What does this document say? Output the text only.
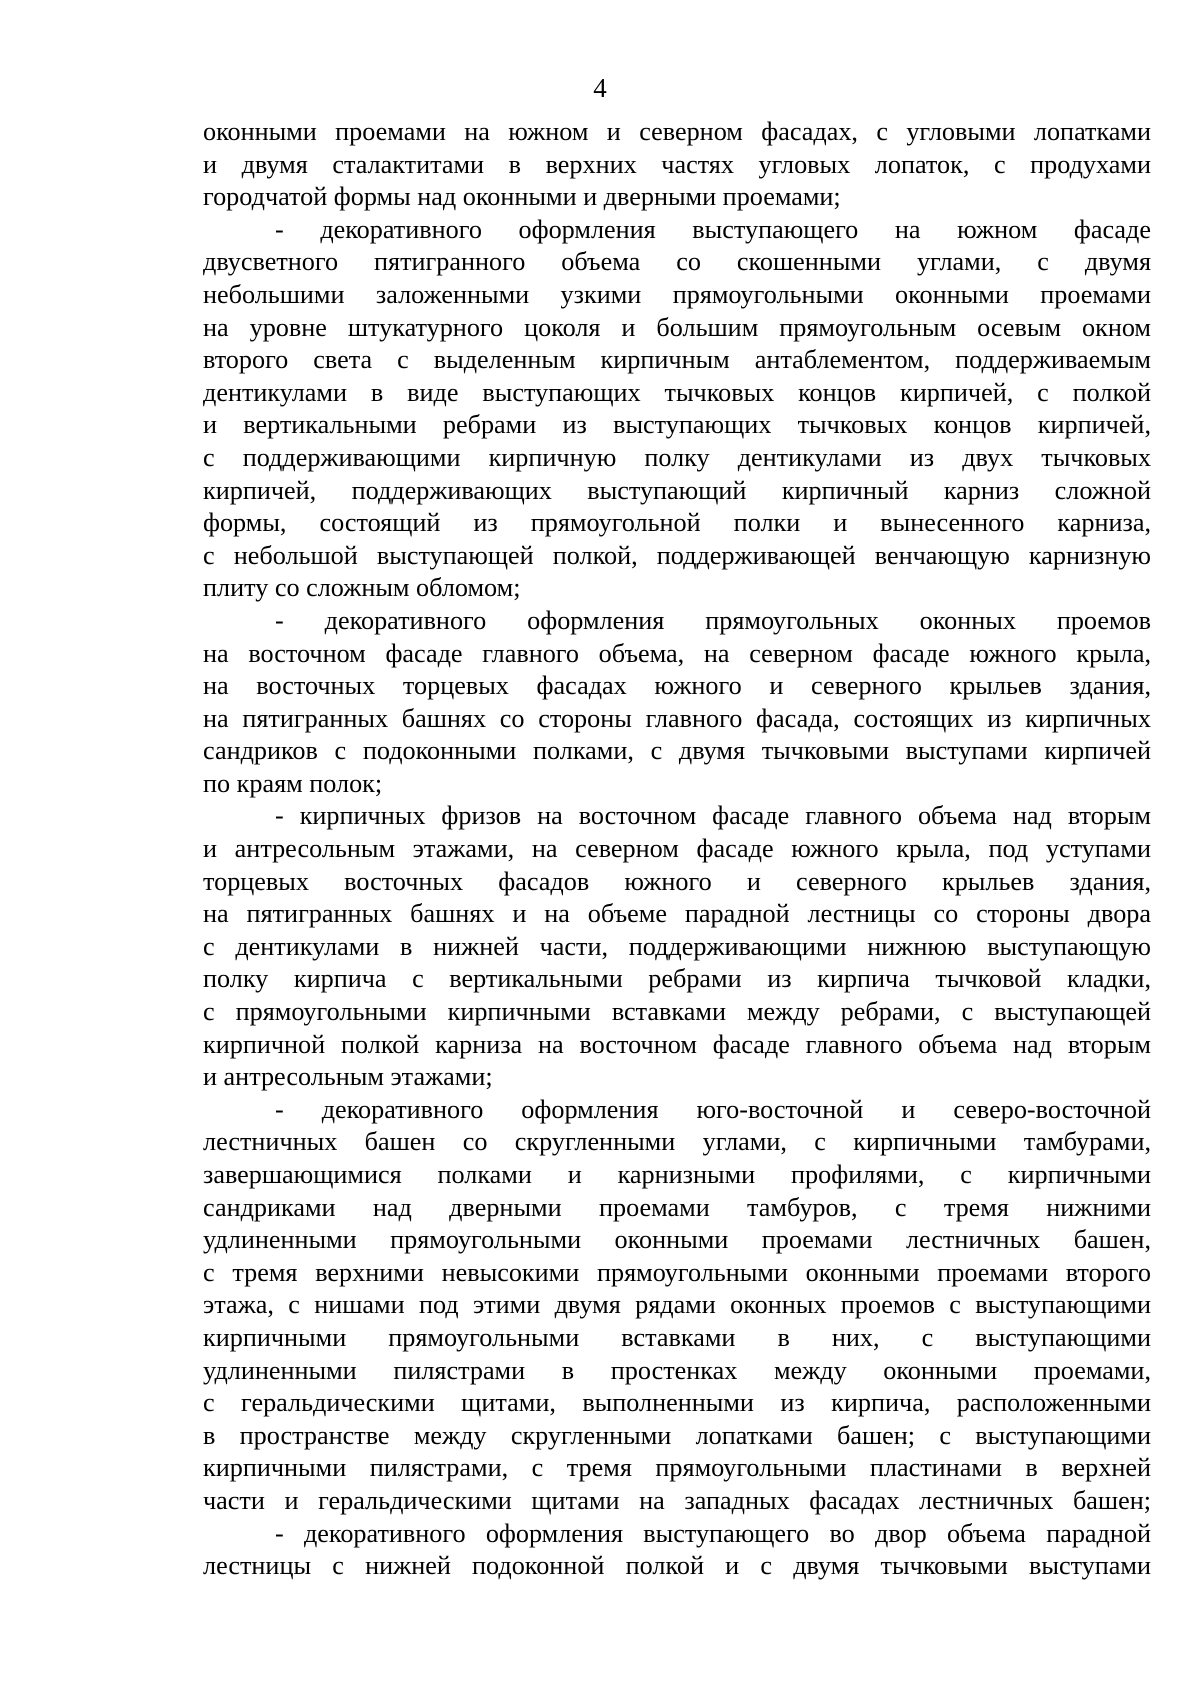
4
оконными проемами на южном и северном фасадах, с угловыми лопатками
и двумя сталактитами в верхних частях угловых лопаток, с продухами
городчатой формы над оконными и дверными проемами;
- декоративного оформления выступающего на южном фасаде
двусветного пятигранного объема со скошенными углами, с двумя
небольшими заложенными узкими прямоугольными оконными проемами
на уровне штукатурного цоколя и большим прямоугольным осевым окном
второго света с выделенным кирпичным антаблементом, поддерживаемым
дентикулами в виде выступающих тычковых концов кирпичей, с полкой
и вертикальными ребрами из выступающих тычковых концов кирпичей,
с поддерживающими кирпичную полку дентикулами из двух тычковых
кирпичей, поддерживающих выступающий кирпичный карниз сложной
формы, состоящий из прямоугольной полки и вынесенного карниза,
с небольшой выступающей полкой, поддерживающей венчающую карнизную
плиту со сложным обломом;
- декоративного оформления прямоугольных оконных проемов
на восточном фасаде главного объема, на северном фасаде южного крыла,
на восточных торцевых фасадах южного и северного крыльев здания,
на пятигранных башнях со стороны главного фасада, состоящих из кирпичных
сандриков с подоконными полками, с двумя тычковыми выступами кирпичей
по краям полок;
- кирпичных фризов на восточном фасаде главного объема над вторым
и антресольным этажами, на северном фасаде южного крыла, под уступами
торцевых восточных фасадов южного и северного крыльев здания,
на пятигранных башнях и на объеме парадной лестницы со стороны двора
с дентикулами в нижней части, поддерживающими нижнюю выступающую
полку кирпича с вертикальными ребрами из кирпича тычковой кладки,
с прямоугольными кирпичными вставками между ребрами, с выступающей
кирпичной полкой карниза на восточном фасаде главного объема над вторым
и антресольным этажами;
- декоративного оформления юго-восточной и северо-восточной
лестничных башен со скругленными углами, с кирпичными тамбурами,
завершающимися полками и карнизными профилями, с кирпичными
сандриками над дверными проемами тамбуров, с тремя нижними
удлиненными прямоугольными оконными проемами лестничных башен,
с тремя верхними невысокими прямоугольными оконными проемами второго
этажа, с нишами под этими двумя рядами оконных проемов с выступающими
кирпичными прямоугольными вставками в них, с выступающими
удлиненными пилястрами в простенках между оконными проемами,
с геральдическими щитами, выполненными из кирпича, расположенными
в пространстве между скругленными лопатками башен; с выступающими
кирпичными пилястрами, с тремя прямоугольными пластинами в верхней
части и геральдическими щитами на западных фасадах лестничных башен;
- декоративного оформления выступающего во двор объема парадной
лестницы с нижней подоконной полкой и с двумя тычковыми выступами
